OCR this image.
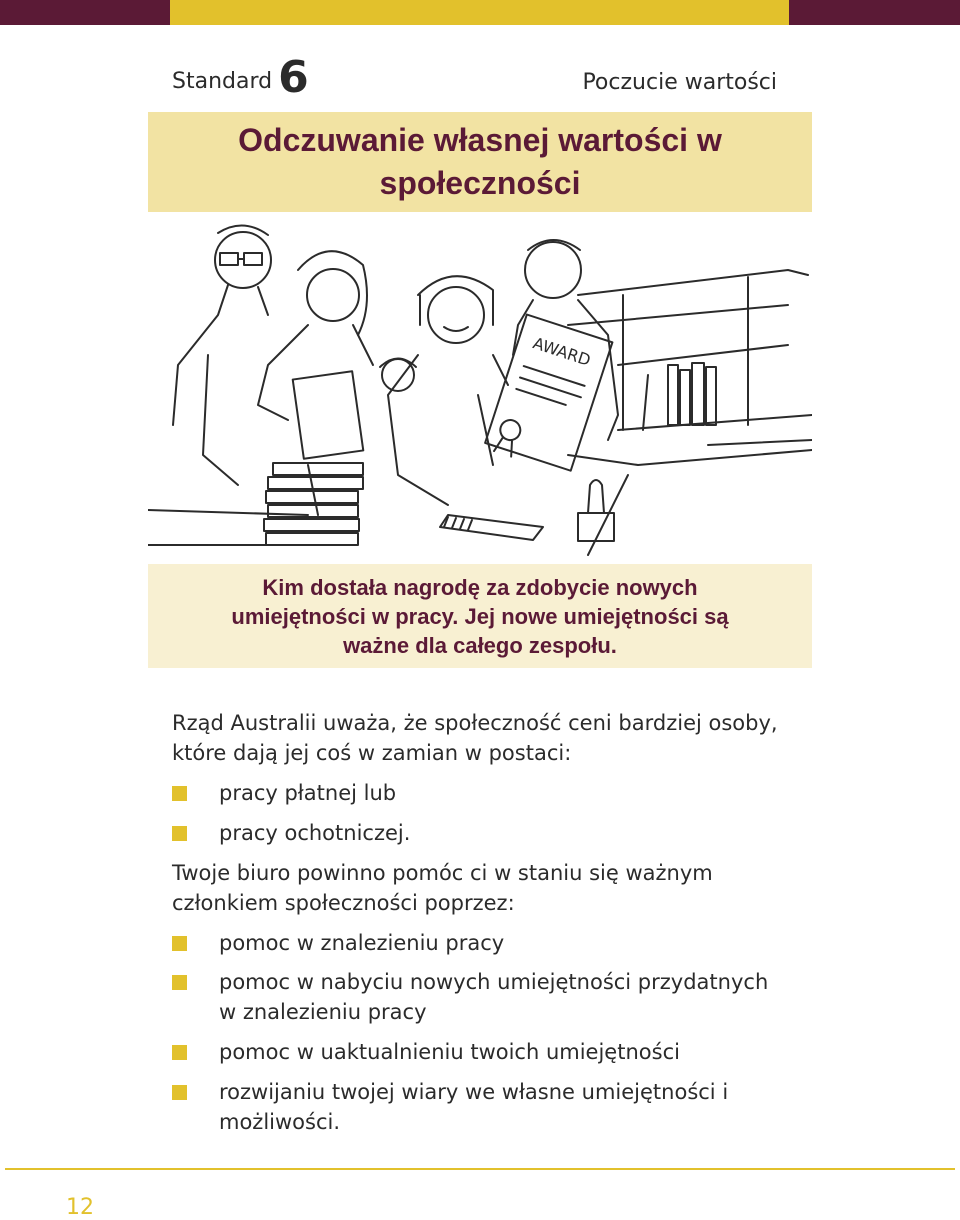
Standard 6	Poczucie wartości
Odczuwanie własnej wartości w społeczności
AWARD

Kim dostała nagrodę za zdobycie nowych umiejętności w pracy. Jej nowe umiejętności są ważne dla całego zespołu.

Rząd Australii uważa, że społeczność ceni bardziej osoby, które dają jej coś w zamian w postaci:

pracy płatnej lub
pracy ochotniczej.

Twoje biuro powinno pomóc ci w staniu się ważnym członkiem społeczności poprzez:

pomoc w znalezieniu pracy
pomoc w nabyciu nowych umiejętności przydatnych w znalezieniu pracy
pomoc w uaktualnieniu twoich umiejętności
rozwijaniu twojej wiary we własne umiejętności i możliwości.
12
